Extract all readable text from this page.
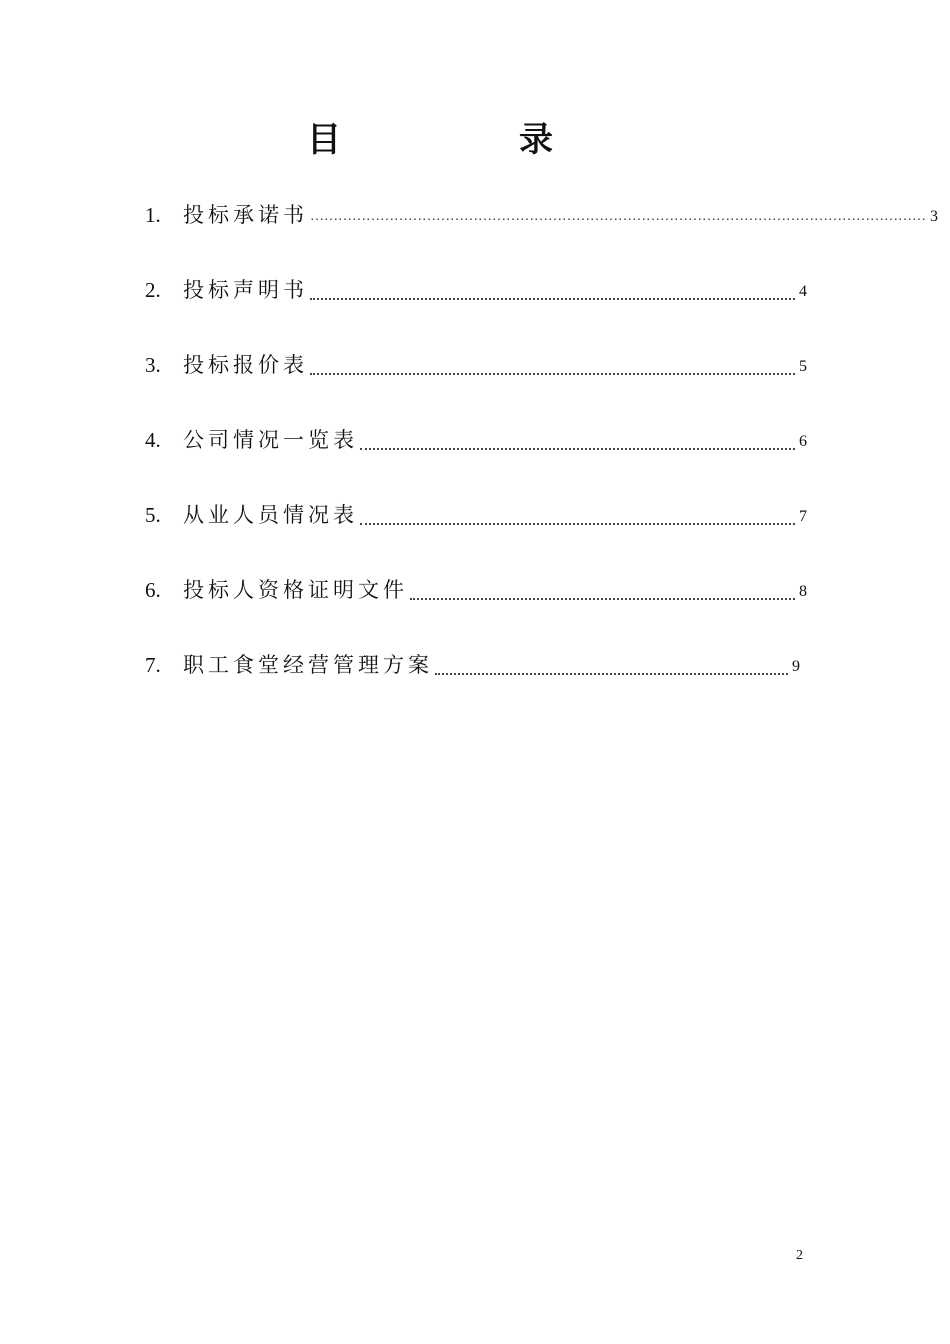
目　录
1.	投标承诺书 …………………………………………………………………………………………………………………… 3
2.	投标声明书	4
3.	投标报价表	5
4.	公司情况一览表	6
5.	从业人员情况表	7
6.	投标人资格证明文件	8
7.	职工食堂经营管理方案	9
2
